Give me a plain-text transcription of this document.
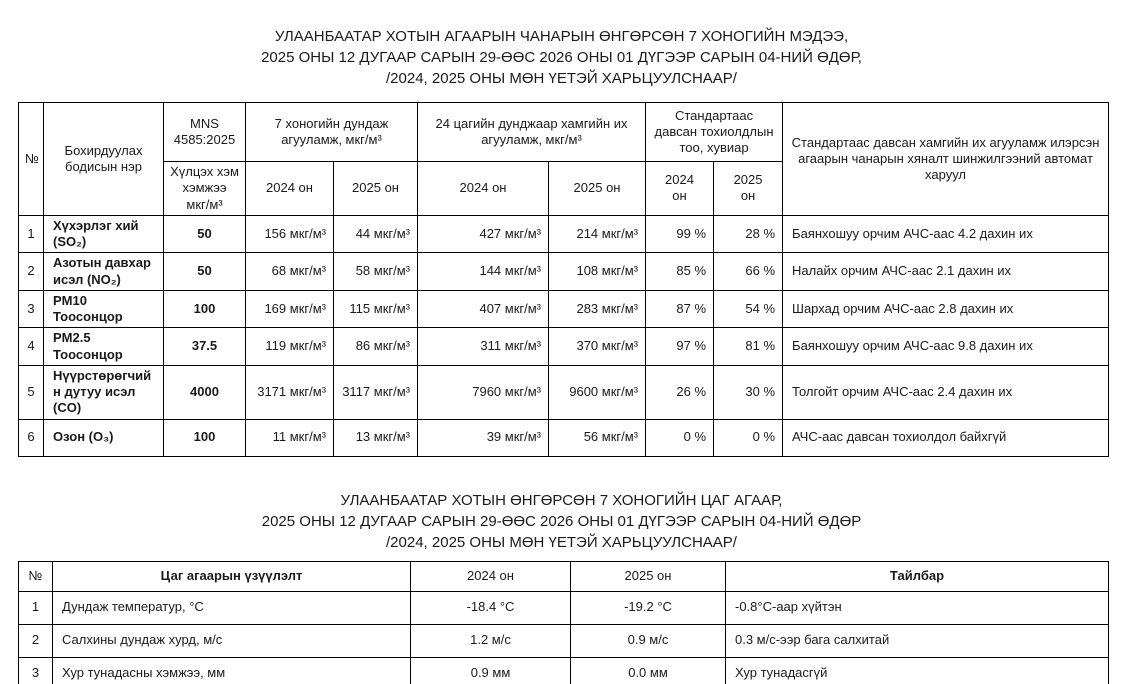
УЛААНБААТАР ХОТЫН АГААРЫН ЧАНАРЫН ӨНГӨРСӨН 7 ХОНОГИЙН МЭДЭЭ,
2025 ОНЫ 12 ДУГААР САРЫН 29-ӨӨС 2026 ОНЫ 01 ДҮГЭЭР САРЫН 04-НИЙ ӨДӨР,
/2024, 2025 ОНЫ МӨН ҮЕТЭЙ ХАРЬЦУУЛСНААР/
№	Бохирдуулах бодисын нэр	MNS 4585:2025	7 хоногийн дундаж агууламж, мкг/м³		24 цагийн дунджаар хамгийн их агууламж, мкг/м³		Стандартаас давсан тохиолдлын тоо, хувиар		Стандартаас давсан хамгийн их агууламж илэрсэн агаарын чанарын хяналт шинжилгээний автомат харуул
		Хүлцэх хэм хэмжээ мкг/м³	2024 он	2025 он	2024 он	2025 он	2024 он	2025 он	
1	Хүхэрлэг хий (SO₂)	50	156 мкг/м³	44 мкг/м³	427 мкг/м³	214 мкг/м³	99 %	28 %	Баянхошуу орчим АЧС-аас 4.2 дахин их
2	Азотын давхар исэл (NO₂)	50	68 мкг/м³	58 мкг/м³	144 мкг/м³	108 мкг/м³	85 %	66 %	Налайх орчим АЧС-аас 2.1 дахин их
3	PM10 Тоосонцор	100	169 мкг/м³	115 мкг/м³	407 мкг/м³	283 мкг/м³	87 %	54 %	Шархад орчим АЧС-аас 2.8 дахин их
4	PM2.5 Тоосонцор	37.5	119 мкг/м³	86 мкг/м³	311 мкг/м³	370 мкг/м³	97 %	81 %	Баянхошуу орчим АЧС-аас 9.8 дахин их
5	Нүүрстөрөгчийн дутуу исэл (CO)	4000	3171 мкг/м³	3117 мкг/м³	7960 мкг/м³	9600 мкг/м³	26 %	30 %	Толгойт орчим АЧС-аас 2.4 дахин их
6	Озон (O₃)	100	11 мкг/м³	13 мкг/м³	39 мкг/м³	56 мкг/м³	0 %	0 %	АЧС-аас давсан тохиолдол байхгүй
УЛААНБААТАР ХОТЫН ӨНГӨРСӨН 7 ХОНОГИЙН ЦАГ АГААР,
2025 ОНЫ 12 ДУГААР САРЫН 29-ӨӨС 2026 ОНЫ 01 ДҮГЭЭР САРЫН 04-НИЙ ӨДӨР
/2024, 2025 ОНЫ МӨН ҮЕТЭЙ ХАРЬЦУУЛСНААР/
№	Цаг агаарын үзүүлэлт	2024 он	2025 он	Тайлбар
1	Дундаж температур, °С	-18.4 °С	-19.2 °С	-0.8°С-аар хүйтэн
2	Салхины дундаж хурд, м/с	1.2 м/с	0.9 м/с	0.3 м/с-ээр бага салхитай
3	Хур тунадасны хэмжээ, мм	0.9 мм	0.0 мм	Хур тунадасгүй
